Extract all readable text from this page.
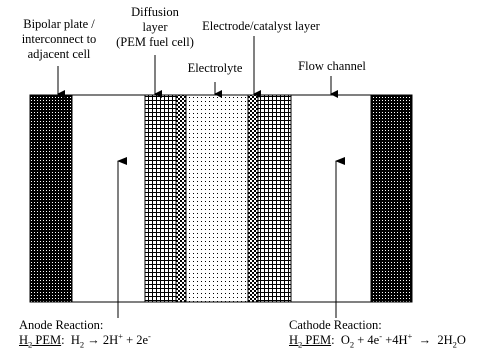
Bipolar plate /
interconnect to
adjacent cell
Diffusion
layer
(PEM fuel cell)
Electrode/catalyst layer
Electrolyte	Flow channel
Anode Reaction:
$H_2$ PEM:  $H_2 \to 2H^+ + 2e^-$
Cathode Reaction:
$H_2$ PEM:  $O_2 + 4e^- +4H^+ \to 2H_2O$
